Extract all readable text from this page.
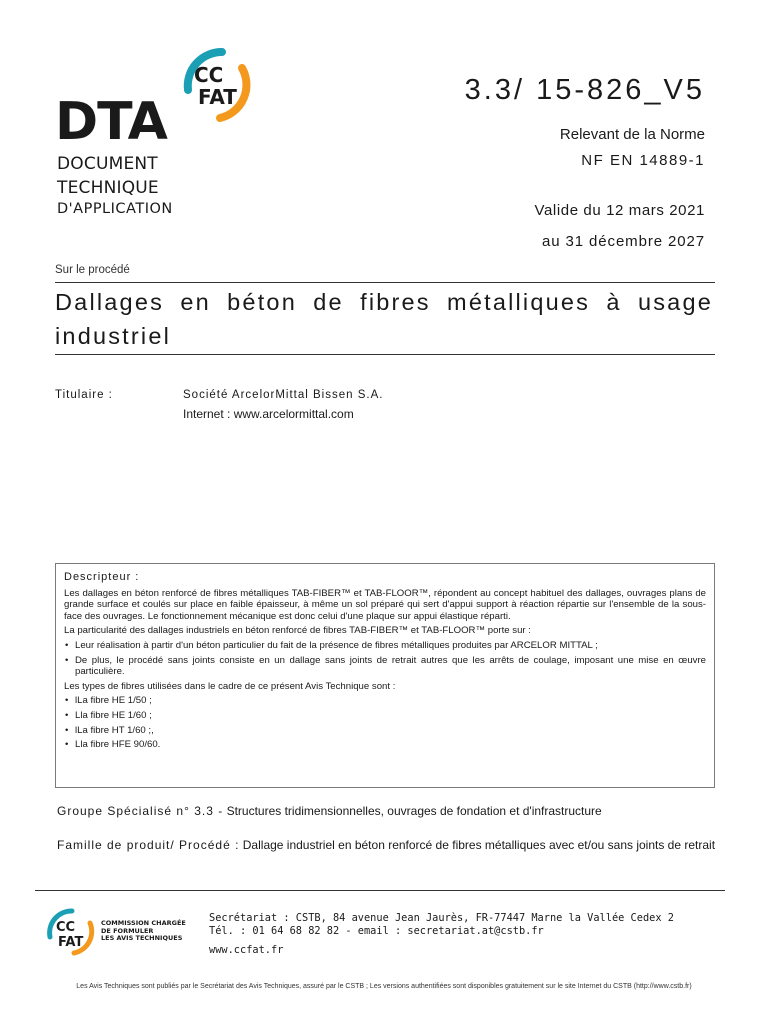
CC
FAT
DTA
DOCUMENT
TECHNIQUE
D'APPLICATION
3.3/ 15-826_V5
Relevant de la Norme
NF EN 14889-1
Valide du 12 mars 2021
au 31 décembre 2027
Sur le procédé
Dallages en béton de fibres métalliques à usage industriel
Titulaire :	Société ArcelorMittal Bissen S.A.
Internet : www.arcelormittal.com
Descripteur :

Les dallages en béton renforcé de fibres métalliques TAB-FIBER™ et TAB-FLOOR™, répondent au concept habituel des dallages, ouvrages plans de grande surface et coulés sur place en faible épaisseur, à même un sol préparé qui sert d'appui support à réaction répartie sur l'ensemble de la sous-face des ouvrages. Le fonctionnement mécanique est donc celui d'une plaque sur appui élastique réparti.

La particularité des dallages industriels en béton renforcé de fibres TAB-FIBER™ et TAB-FLOOR™ porte sur :

• Leur réalisation à partir d'un béton particulier du fait de la présence de fibres métalliques produites par ARCELOR MITTAL ;
• De plus, le procédé sans joints consiste en un dallage sans joints de retrait autres que les arrêts de coulage, imposant une mise en œuvre particulière.

Les types de fibres utilisées dans le cadre de ce présent Avis Technique sont :

• lLa fibre HE 1/50 ;
• Lla fibre HE 1/60 ;
• lLa fibre HT 1/60 ;,
• Lla fibre HFE 90/60.
Groupe Spécialisé n° 3.3 - Structures tridimensionnelles, ouvrages de fondation et d'infrastructure
Famille de produit/ Procédé : Dallage industriel en béton renforcé de fibres métalliques avec et/ou sans joints de retrait
CC
FAT
COMMISSION CHARGÉE
DE FORMULER
LES AVIS TECHNIQUES
Secrétariat : CSTB, 84 avenue Jean Jaurès, FR-77447 Marne la Vallée Cedex 2
Tél. : 01 64 68 82 82 - email : secretariat.at@cstb.fr
www.ccfat.fr
Les Avis Techniques sont publiés par le Secrétariat des Avis Techniques, assuré par le CSTB ; Les versions authentifiées sont disponibles gratuitement sur le site Internet du CSTB (http://www.cstb.fr)
